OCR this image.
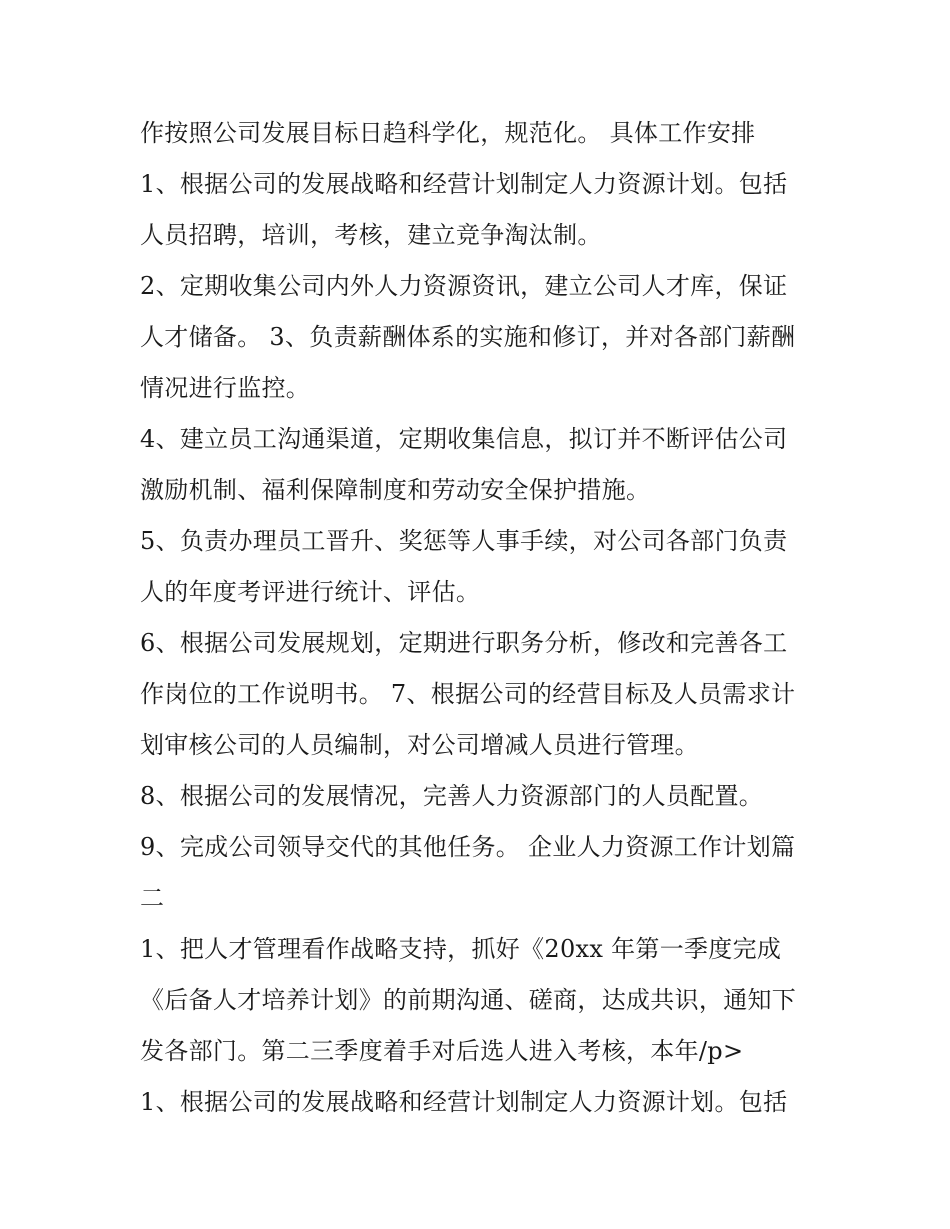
作按照公司发展目标日趋科学化，规范化。 具体工作安排
1、根据公司的发展战略和经营计划制定人力资源计划。包括
人员招聘，培训，考核，建立竞争淘汰制。
2、定期收集公司内外人力资源资讯，建立公司人才库，保证
人才储备。 3、负责薪酬体系的实施和修订，并对各部门薪酬
情况进行监控。
4、建立员工沟通渠道，定期收集信息，拟订并不断评估公司
激励机制、福利保障制度和劳动安全保护措施。
5、负责办理员工晋升、奖惩等人事手续，对公司各部门负责
人的年度考评进行统计、评估。
6、根据公司发展规划，定期进行职务分析，修改和完善各工
作岗位的工作说明书。 7、根据公司的经营目标及人员需求计
划审核公司的人员编制，对公司增减人员进行管理。
8、根据公司的发展情况，完善人力资源部门的人员配置。
9、完成公司领导交代的其他任务。 企业人力资源工作计划篇
二
1、把人才管理看作战略支持，抓好《20xx 年第一季度完成
《后备人才培养计划》的前期沟通、磋商，达成共识，通知下
发各部门。第二三季度着手对后选人进入考核，本年/p>
1、根据公司的发展战略和经营计划制定人力资源计划。包括
